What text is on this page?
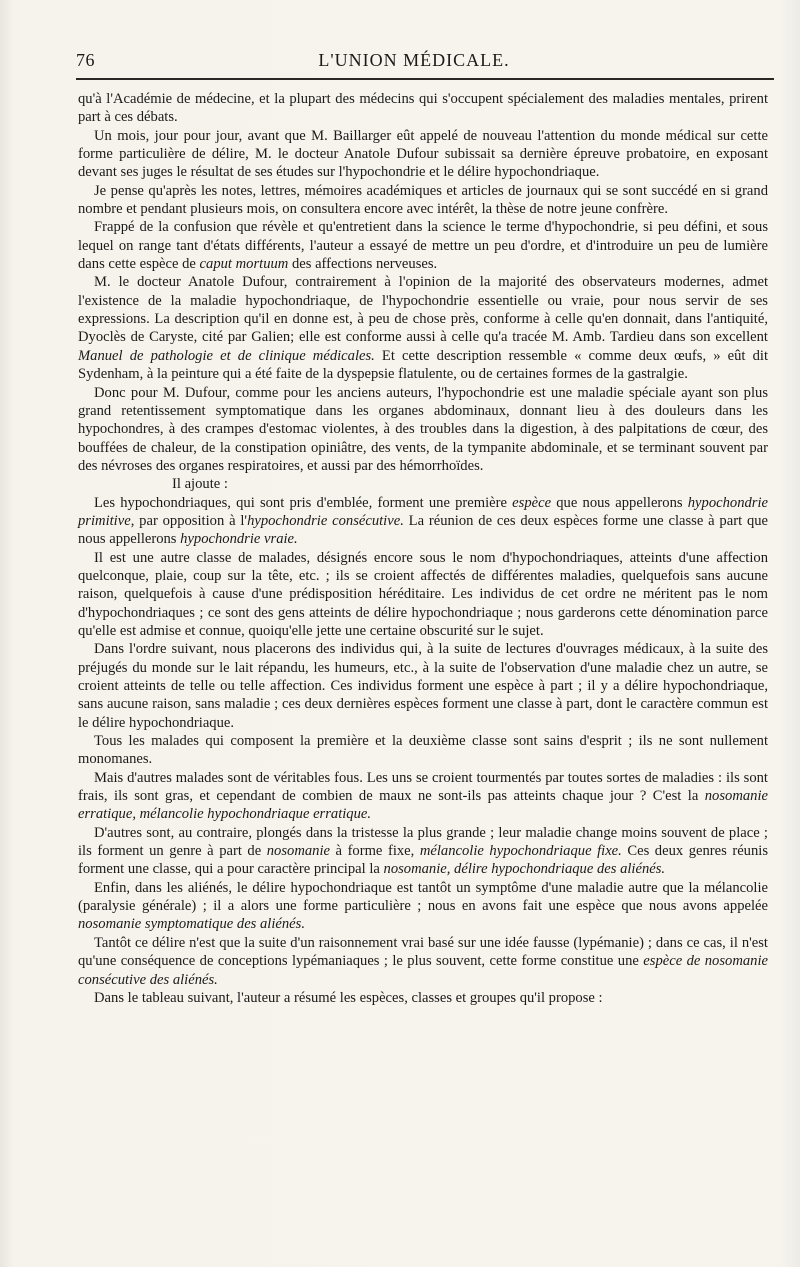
76	L'UNION MÉDICALE.

qu'à l'Académie de médecine, et la plupart des médecins qui s'occupent spécialement des maladies mentales, prirent part à ces débats.

Un mois, jour pour jour, avant que M. Baillarger eût appelé de nouveau l'attention du monde médical sur cette forme particulière de délire, M. le docteur Anatole Dufour subissait sa dernière épreuve probatoire, en exposant devant ses juges le résultat de ses études sur l'hypochondrie et le délire hypochondriaque.

Je pense qu'après les notes, lettres, mémoires académiques et articles de journaux qui se sont succédé en si grand nombre et pendant plusieurs mois, on consultera encore avec intérêt, la thèse de notre jeune confrère.

Frappé de la confusion que révèle et qu'entretient dans la science le terme d'hypochondrie, si peu défini, et sous lequel on range tant d'états différents, l'auteur a essayé de mettre un peu d'ordre, et d'introduire un peu de lumière dans cette espèce de caput mortuum des affections nerveuses.

M. le docteur Anatole Dufour, contrairement à l'opinion de la majorité des observateurs modernes, admet l'existence de la maladie hypochondriaque, de l'hypochondrie essentielle ou vraie, pour nous servir de ses expressions. La description qu'il en donne est, à peu de chose près, conforme à celle qu'en donnait, dans l'antiquité, Dyoclès de Caryste, cité par Galien; elle est conforme aussi à celle qu'a tracée M. Amb. Tardieu dans son excellent Manuel de pathologie et de clinique médicales. Et cette description ressemble « comme deux œufs, » eût dit Sydenham, à la peinture qui a été faite de la dyspepsie flatulente, ou de certaines formes de la gastralgie.

Donc pour M. Dufour, comme pour les anciens auteurs, l'hypochondrie est une maladie spéciale ayant son plus grand retentissement symptomatique dans les organes abdominaux, donnant lieu à des douleurs dans les hypochondres, à des crampes d'estomac violentes, à des troubles dans la digestion, à des palpitations de cœur, des bouffées de chaleur, de la constipation opiniâtre, des vents, de la tympanite abdominale, et se terminant souvent par des névroses des organes respiratoires, et aussi par des hémorrhoïdes.

Il ajoute :

Les hypochondriaques, qui sont pris d'emblée, forment une première espèce que nous appellerons hypochondrie primitive, par opposition à l'hypochondrie consécutive. La réunion de ces deux espèces forme une classe à part que nous appellerons hypochondrie vraie.

Il est une autre classe de malades, désignés encore sous le nom d'hypochondriaques, atteints d'une affection quelconque, plaie, coup sur la tête, etc. ; ils se croient affectés de différentes maladies, quelquefois sans aucune raison, quelquefois à cause d'une prédisposition héréditaire. Les individus de cet ordre ne méritent pas le nom d'hypochondriaques ; ce sont des gens atteints de délire hypochondriaque ; nous garderons cette dénomination parce qu'elle est admise et connue, quoiqu'elle jette une certaine obscurité sur le sujet.

Dans l'ordre suivant, nous placerons des individus qui, à la suite de lectures d'ouvrages médicaux, à la suite des préjugés du monde sur le lait répandu, les humeurs, etc., à la suite de l'observation d'une maladie chez un autre, se croient atteints de telle ou telle affection. Ces individus forment une espèce à part ; il y a délire hypochondriaque, sans aucune raison, sans maladie ; ces deux dernières espèces forment une classe à part, dont le caractère commun est le délire hypochondriaque.

Tous les malades qui composent la première et la deuxième classe sont sains d'esprit ; ils ne sont nullement monomanes.

Mais d'autres malades sont de véritables fous. Les uns se croient tourmentés par toutes sortes de maladies : ils sont frais, ils sont gras, et cependant de combien de maux ne sont-ils pas atteints chaque jour ? C'est la nosomanie erratique, mélancolie hypochondriaque erratique.

D'autres sont, au contraire, plongés dans la tristesse la plus grande ; leur maladie change moins souvent de place ; ils forment un genre à part de nosomanie à forme fixe, mélancolie hypochondriaque fixe. Ces deux genres réunis forment une classe, qui a pour caractère principal la nosomanie, délire hypochondriaque des aliénés.

Enfin, dans les aliénés, le délire hypochondriaque est tantôt un symptôme d'une maladie autre que la mélancolie (paralysie générale) ; il a alors une forme particulière ; nous en avons fait une espèce que nous avons appelée nosomanie symptomatique des aliénés.

Tantôt ce délire n'est que la suite d'un raisonnement vrai basé sur une idée fausse (lypémanie) ; dans ce cas, il n'est qu'une conséquence de conceptions lypémaniaques ; le plus souvent, cette forme constitue une espèce de nosomanie consécutive des aliénés.

Dans le tableau suivant, l'auteur a résumé les espèces, classes et groupes qu'il propose :
